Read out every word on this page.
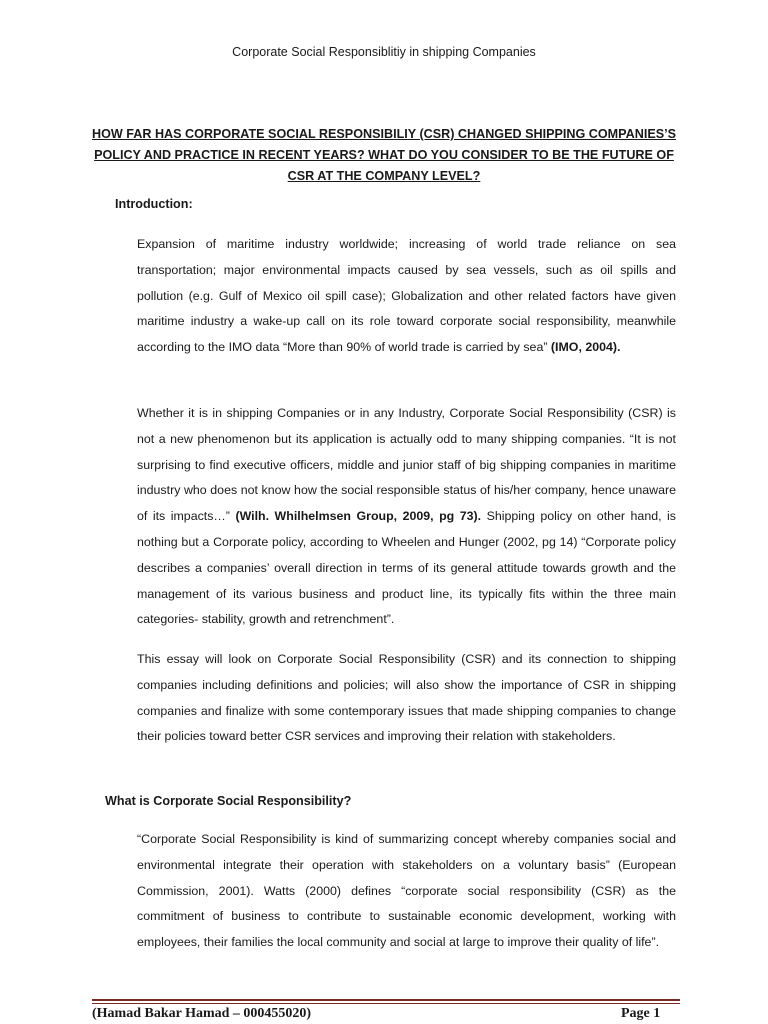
Corporate Social Responsiblitiy in shipping Companies
HOW FAR HAS CORPORATE SOCIAL RESPONSIBILIY (CSR) CHANGED SHIPPING COMPANIES’S POLICY AND PRACTICE IN RECENT YEARS? WHAT DO YOU CONSIDER TO BE THE FUTURE OF CSR AT THE COMPANY LEVEL?
Introduction:

Expansion of maritime industry worldwide; increasing of world trade reliance on sea transportation; major environmental impacts caused by sea vessels, such as oil spills and pollution (e.g. Gulf of Mexico oil spill case); Globalization and other related factors have given maritime industry a wake-up call on its role toward corporate social responsibility, meanwhile according to the IMO data “More than 90% of world trade is carried by sea” (IMO, 2004).

Whether it is in shipping Companies or in any Industry, Corporate Social Responsibility (CSR) is not a new phenomenon but its application is actually odd to many shipping companies. “It is not surprising to find executive officers, middle and junior staff of big shipping companies in maritime industry who does not know how the social responsible status of his/her company, hence unaware of its impacts…” (Wilh. Whilhelmsen Group, 2009, pg 73). Shipping policy on other hand, is nothing but a Corporate policy, according to Wheelen and Hunger (2002, pg 14) “Corporate policy describes a companies’ overall direction in terms of its general attitude towards growth and the management of its various business and product line, its typically fits within the three main categories- stability, growth and retrenchment”.

This essay will look on Corporate Social Responsibility (CSR) and its connection to shipping companies including definitions and policies; will also show the importance of CSR in shipping companies and finalize with some contemporary issues that made shipping companies to change their policies toward better CSR services and improving their relation with stakeholders.

What is Corporate Social Responsibility?

“Corporate Social Responsibility is kind of summarizing concept whereby companies social and environmental integrate their operation with stakeholders on a voluntary basis” (European Commission, 2001). Watts (2000) defines “corporate social responsibility (CSR) as the commitment of business to contribute to sustainable economic development, working with employees, their families the local community and social at large to improve their quality of life”.

(Hamad Bakar Hamad – 000455020)	Page 1
